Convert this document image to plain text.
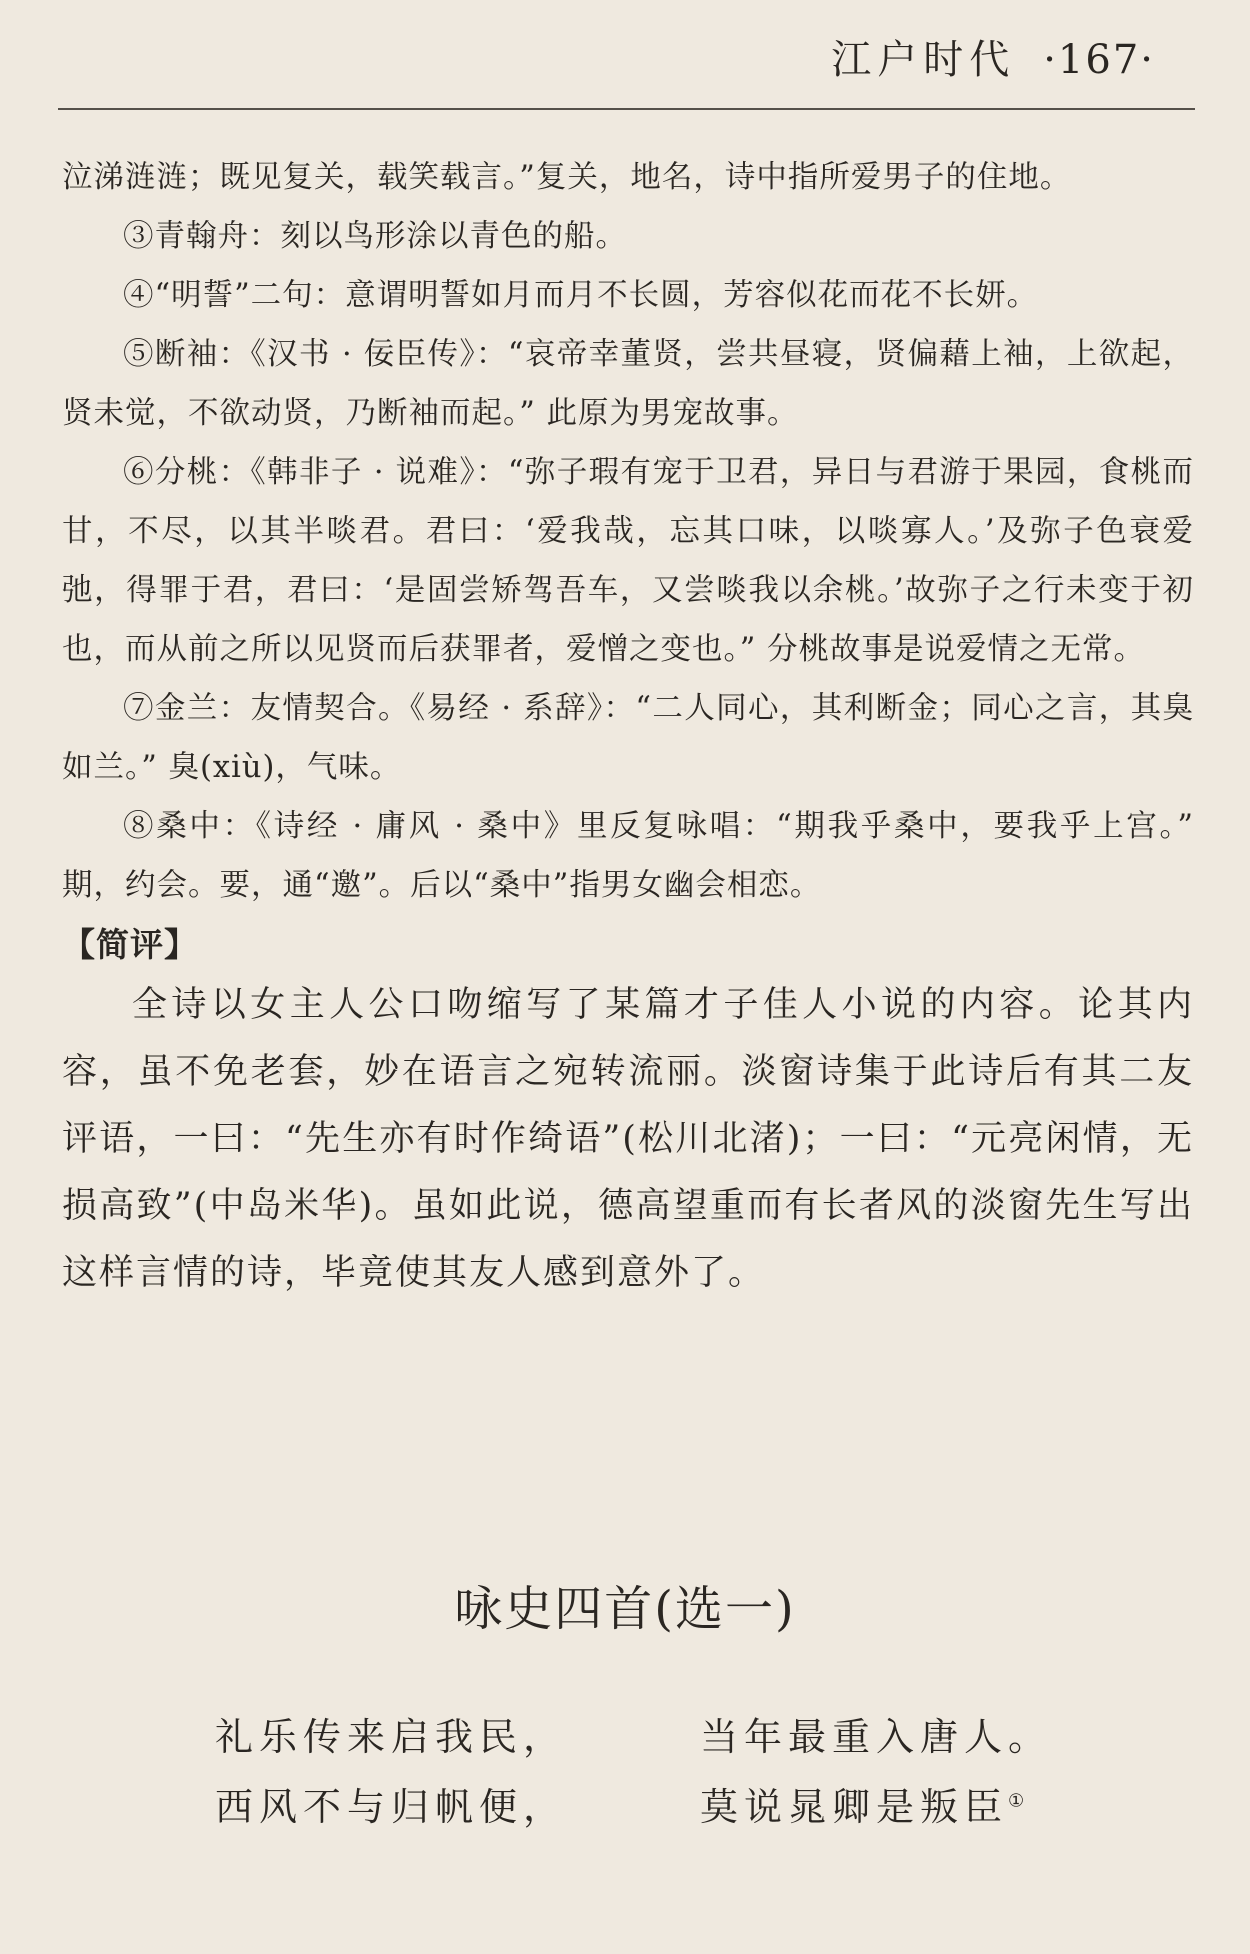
江户时代 ·167·

泣涕涟涟；既见复关，载笑载言。”复关，地名，诗中指所爱男子的住地。

③青翰舟：刻以鸟形涂以青色的船。

④“明誓”二句：意谓明誓如月而月不长圆，芳容似花而花不长妍。

⑤断袖：《汉书 · 佞臣传》：“哀帝幸董贤，尝共昼寝，贤偏藉上袖，上欲起，贤未觉，不欲动贤，乃断袖而起。” 此原为男宠故事。

⑥分桃：《韩非子 · 说难》：“弥子瑕有宠于卫君，异日与君游于果园，食桃而甘，不尽，以其半啖君。君曰：‘爱我哉，忘其口味，以啖寡人。’及弥子色衰爱弛，得罪于君，君曰：‘是固尝矫驾吾车，又尝啖我以余桃。’故弥子之行未变于初也，而从前之所以见贤而后获罪者，爱憎之变也。” 分桃故事是说爱情之无常。

⑦金兰：友情契合。《易经 · 系辞》：“二人同心，其利断金；同心之言，其臭如兰。” 臭(xiù)，气味。

⑧桑中：《诗经 · 庸风 · 桑中》里反复咏唱：“期我乎桑中，要我乎上宫。” 期，约会。要，通“邀”。后以“桑中”指男女幽会相恋。

【简评】

全诗以女主人公口吻缩写了某篇才子佳人小说的内容。论其内容，虽不免老套，妙在语言之宛转流丽。淡窗诗集于此诗后有其二友评语，一曰：“先生亦有时作绮语”(松川北渚)；一曰：“元亮闲情，无损高致”(中岛米华)。虽如此说，德高望重而有长者风的淡窗先生写出这样言情的诗，毕竟使其友人感到意外了。

咏史四首(选一)
礼乐传来启我民，	当年最重入唐人。
西风不与归帆便，	莫说晁卿是叛臣①
